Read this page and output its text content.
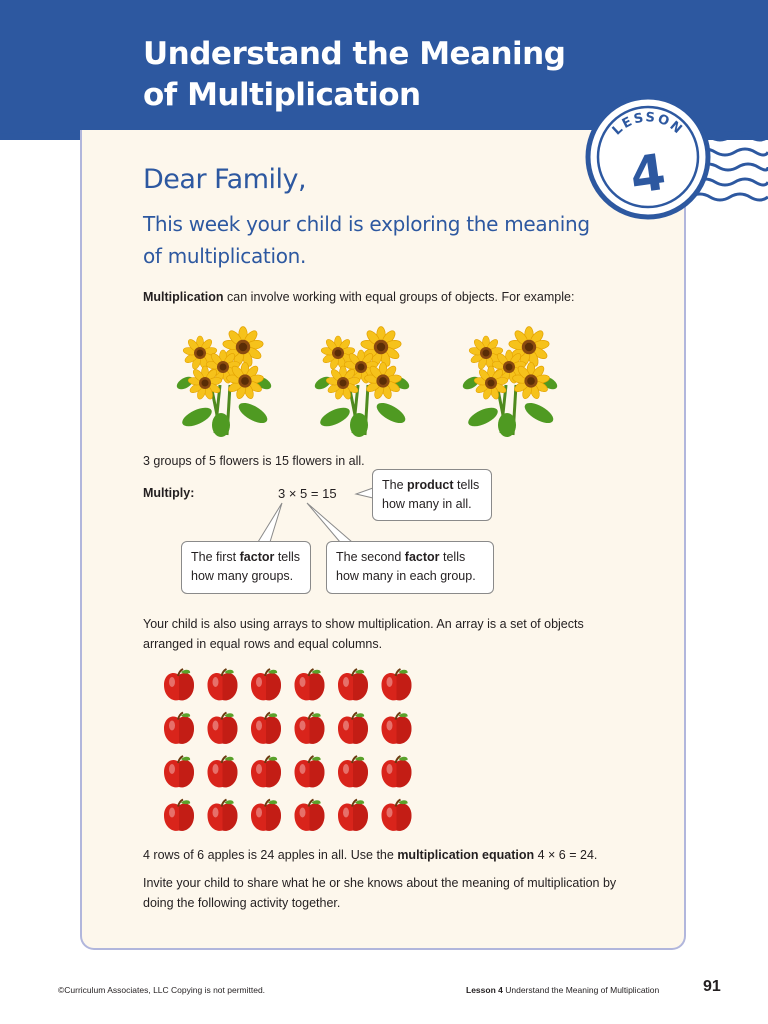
Understand the Meaning
of Multiplication
LESSON
4
Dear Family,

This week your child is exploring the meaning of multiplication.

Multiplication can involve working with equal groups of objects. For example:

3 groups of 5 flowers is 15 flowers in all.

Multiply:	3 × 5 = 15
The product tells how many in all.
The first factor tells how many groups.
The second factor tells how many in each group.

Your child is also using arrays to show multiplication. An array is a set of objects arranged in equal rows and equal columns.

4 rows of 6 apples is 24 apples in all. Use the multiplication equation 4 × 6 = 24.

Invite your child to share what he or she knows about the meaning of multiplication by doing the following activity together.

©Curriculum Associates, LLC Copying is not permitted.	Lesson 4 Understand the Meaning of Multiplication	91
